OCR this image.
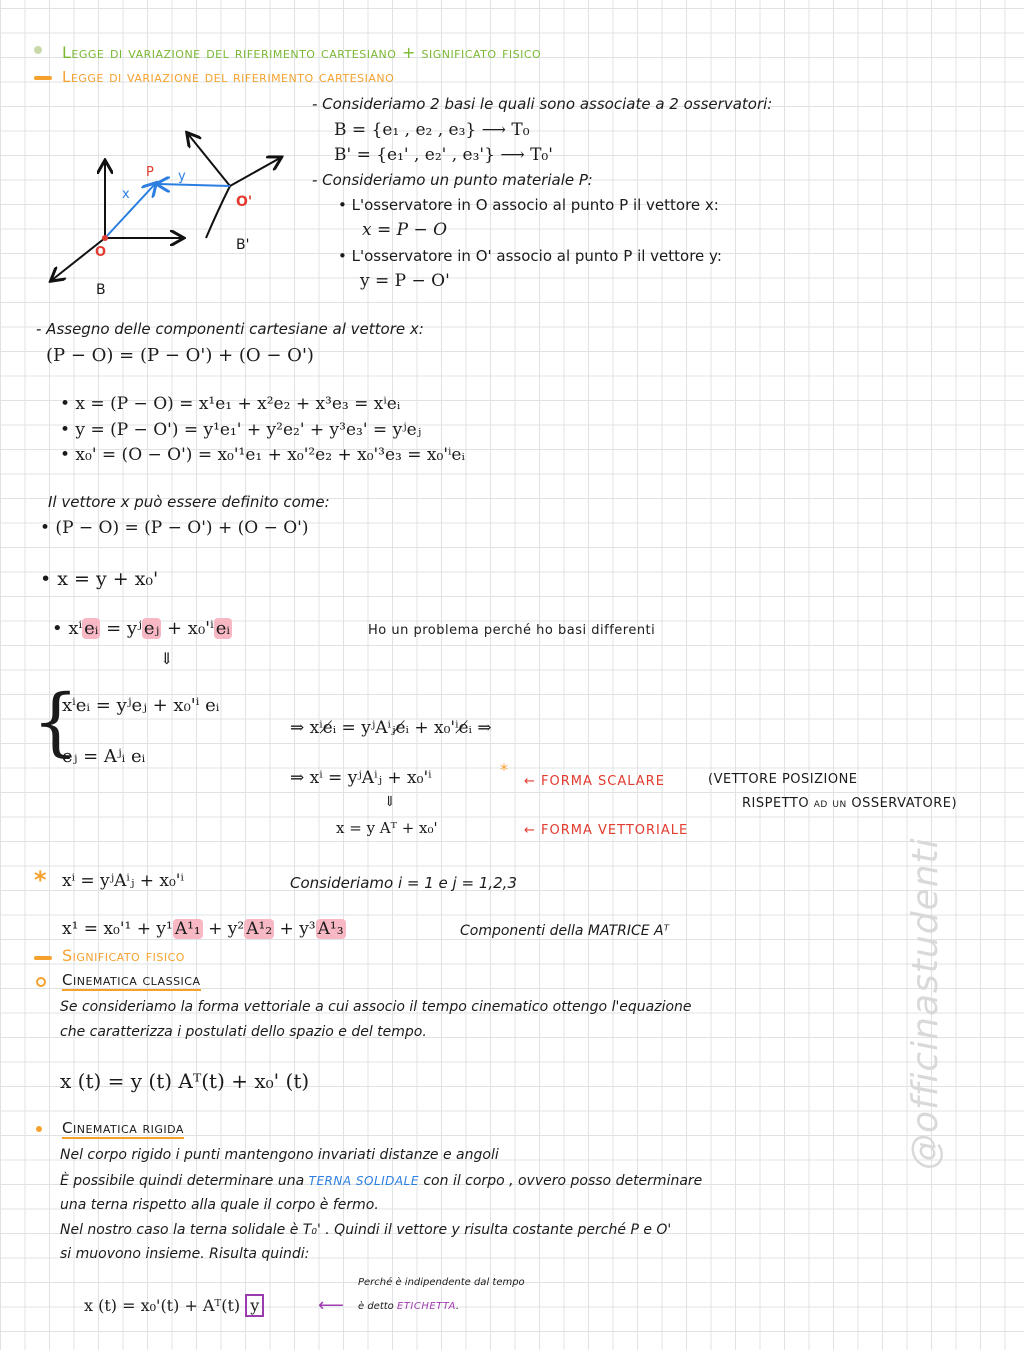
Legge di variazione del riferimento cartesiano + significato fisico
Legge di variazione del riferimento cartesiano
P
x
y
O'
O	B'
B
- Consideriamo 2 basi le quali sono associate a 2 osservatori:
B = {e₁ , e₂ , e₃} ⟶ T₀
B' = {e₁' , e₂' , e₃'} ⟶ T₀'
- Consideriamo un punto materiale P:
• L'osservatore in O associo al punto P il vettore x:
x = P − O
• L'osservatore in O' associo al punto P il vettore y:
y = P − O'
- Assegno delle componenti cartesiane al vettore x:
(P − O) = (P − O') + (O − O')
• x = (P − O) = x¹e₁ + x²e₂ + x³e₃ = xⁱeᵢ
• y = (P − O') = y¹e₁' + y²e₂' + y³e₃' = yʲeⱼ
• x₀' = (O − O') = x₀'¹e₁ + x₀'²e₂ + x₀'³e₃ = x₀'ⁱeᵢ
Il vettore x può essere definito come:
• (P − O) = (P − O') + (O − O')
• x = y + x₀'
• xⁱ eᵢ = yʲ eⱼ + x₀'ⁱ eᵢ	Ho un problema perché ho basi differenti
⇓
{
xⁱeᵢ = yʲeⱼ + x₀'ⁱ eᵢ
eⱼ = Aʲᵢ eᵢ
⇒ xⁱe̸ᵢ = yʲAⁱⱼe̸ᵢ + x₀'ⁱe̸ᵢ ⇒
⇒ xⁱ = yʲAⁱⱼ + x₀'ⁱ	*
← FORMA SCALARE	(VETTORE POSIZIONE
RISPETTO ad un OSSERVATORE)
⇓
x = y Aᵀ + x₀'	← FORMA VETTORIALE
* xⁱ = yʲAⁱⱼ + x₀'ⁱ	Consideriamo i = 1 e j = 1,2,3
x¹ = x₀'¹ + y¹ A¹₁ + y² A¹₂ + y³ A¹₃	Componenti della MATRICE Aᵀ
Significato fisico
Cinematica classica
Se consideriamo la forma vettoriale a cui associo il tempo cinematico ottengo l'equazione
che caratterizza i postulati dello spazio e del tempo.
x (t) = y (t) Aᵀ(t) + x₀' (t)
Cinematica rigida
Nel corpo rigido i punti mantengono invariati distanze e angoli
È possibile quindi determinare una TERNA SOLIDALE con il corpo , ovvero posso determinare
una terna rispetto alla quale il corpo è fermo.
Nel nostro caso la terna solidale è T₀' . Quindi il vettore y risulta costante perché P e O'
si muovono insieme. Risulta quindi:
x (t) = x₀'(t) + Aᵀ(t) y	⟵
Perché è indipendente dal tempo
è detto ETICHETTA.
@officinastudenti
